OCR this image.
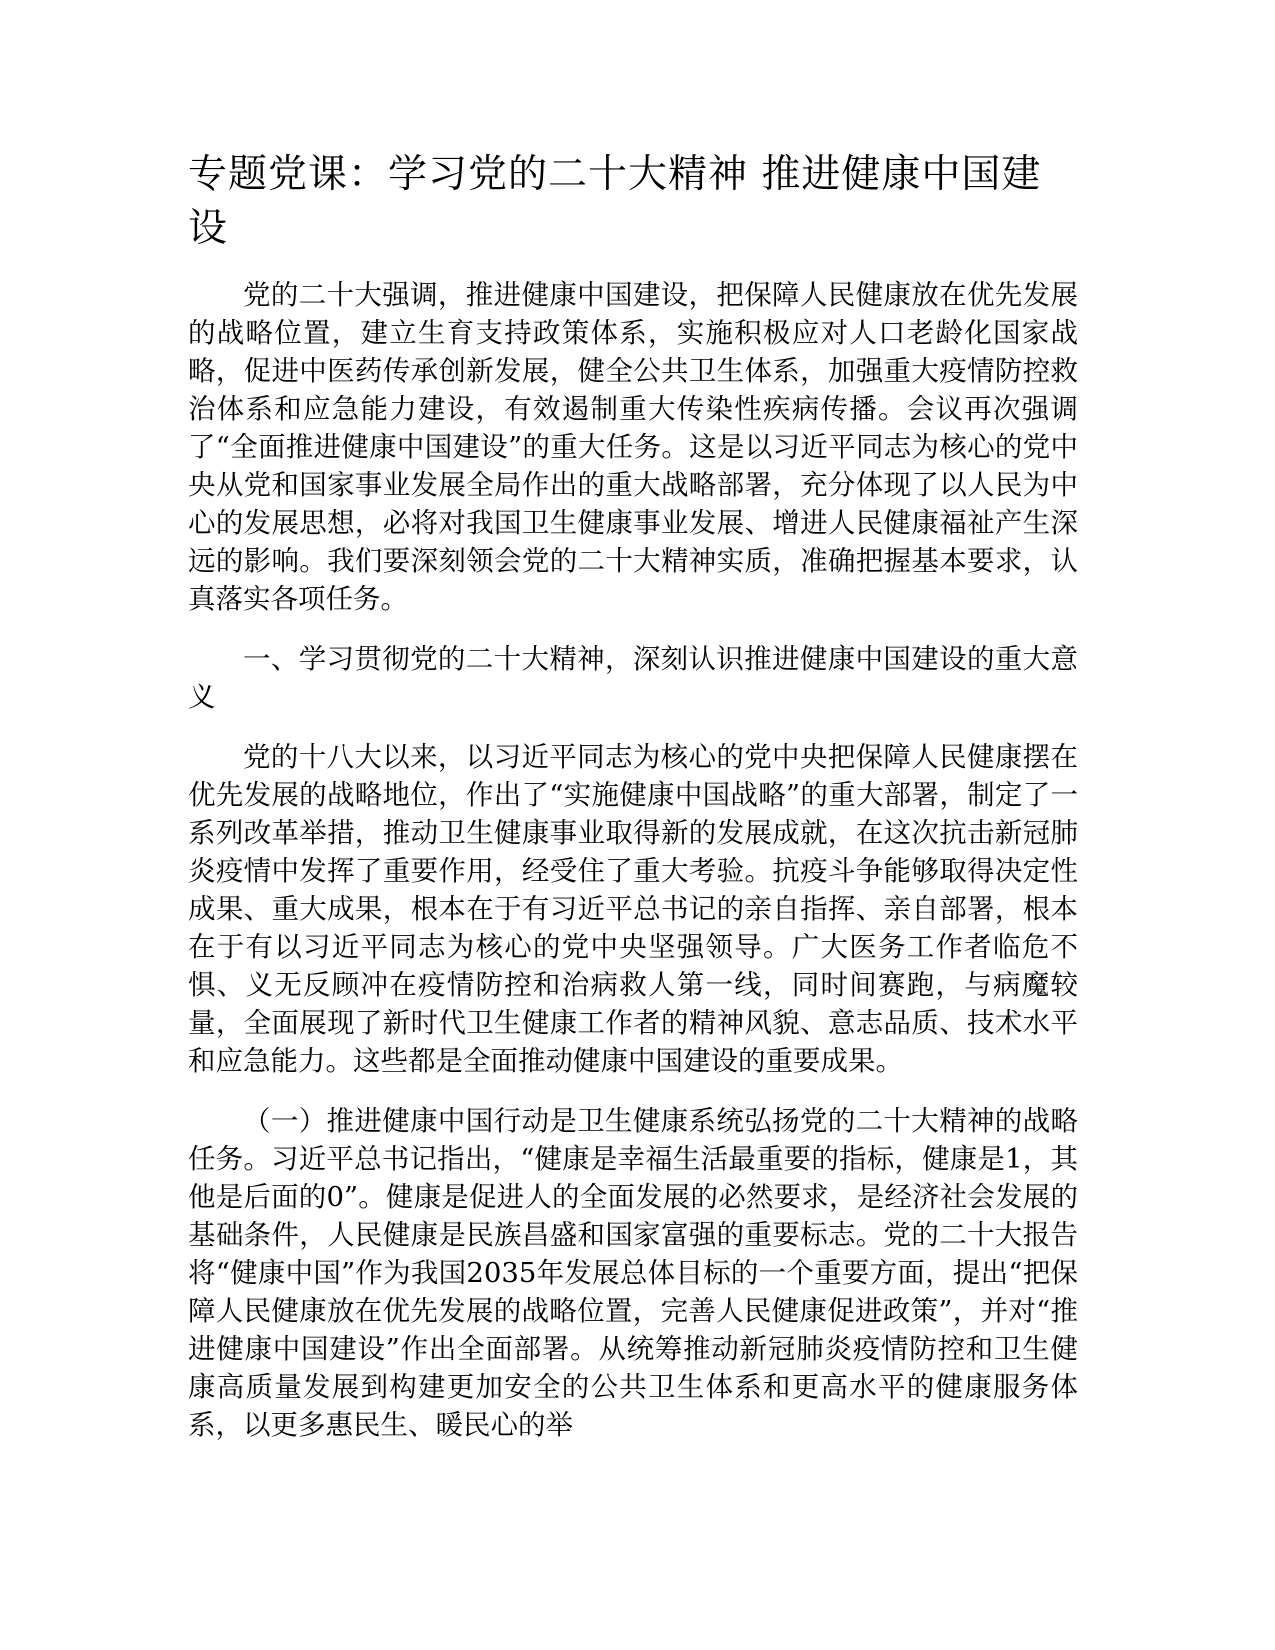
专题党课：学习党的二十大精神 推进健康中国建设

党的二十大强调，推进健康中国建设，把保障人民健康放在优先发展的战略位置，建立生育支持政策体系，实施积极应对人口老龄化国家战略，促进中医药传承创新发展，健全公共卫生体系，加强重大疫情防控救治体系和应急能力建设，有效遏制重大传染性疾病传播。会议再次强调了“全面推进健康中国建设”的重大任务。这是以习近平同志为核心的党中央从党和国家事业发展全局作出的重大战略部署，充分体现了以人民为中心的发展思想，必将对我国卫生健康事业发展、增进人民健康福祉产生深远的影响。我们要深刻领会党的二十大精神实质，准确把握基本要求，认真落实各项任务。

一、学习贯彻党的二十大精神，深刻认识推进健康中国建设的重大意义

党的十八大以来，以习近平同志为核心的党中央把保障人民健康摆在优先发展的战略地位，作出了“实施健康中国战略”的重大部署，制定了一系列改革举措，推动卫生健康事业取得新的发展成就，在这次抗击新冠肺炎疫情中发挥了重要作用，经受住了重大考验。抗疫斗争能够取得决定性成果、重大成果，根本在于有习近平总书记的亲自指挥、亲自部署，根本在于有以习近平同志为核心的党中央坚强领导。广大医务工作者临危不惧、义无反顾冲在疫情防控和治病救人第一线，同时间赛跑，与病魔较量，全面展现了新时代卫生健康工作者的精神风貌、意志品质、技术水平和应急能力。这些都是全面推动健康中国建设的重要成果。

（一）推进健康中国行动是卫生健康系统弘扬党的二十大精神的战略任务。习近平总书记指出，“健康是幸福生活最重要的指标，健康是1，其他是后面的0”。健康是促进人的全面发展的必然要求，是经济社会发展的基础条件，人民健康是民族昌盛和国家富强的重要标志。党的二十大报告将“健康中国”作为我国2035年发展总体目标的一个重要方面，提出“把保障人民健康放在优先发展的战略位置，完善人民健康促进政策”，并对“推进健康中国建设”作出全面部署。从统筹推动新冠肺炎疫情防控和卫生健康高质量发展到构建更加安全的公共卫生体系和更高水平的健康服务体系，以更多惠民生、暖民心的举
